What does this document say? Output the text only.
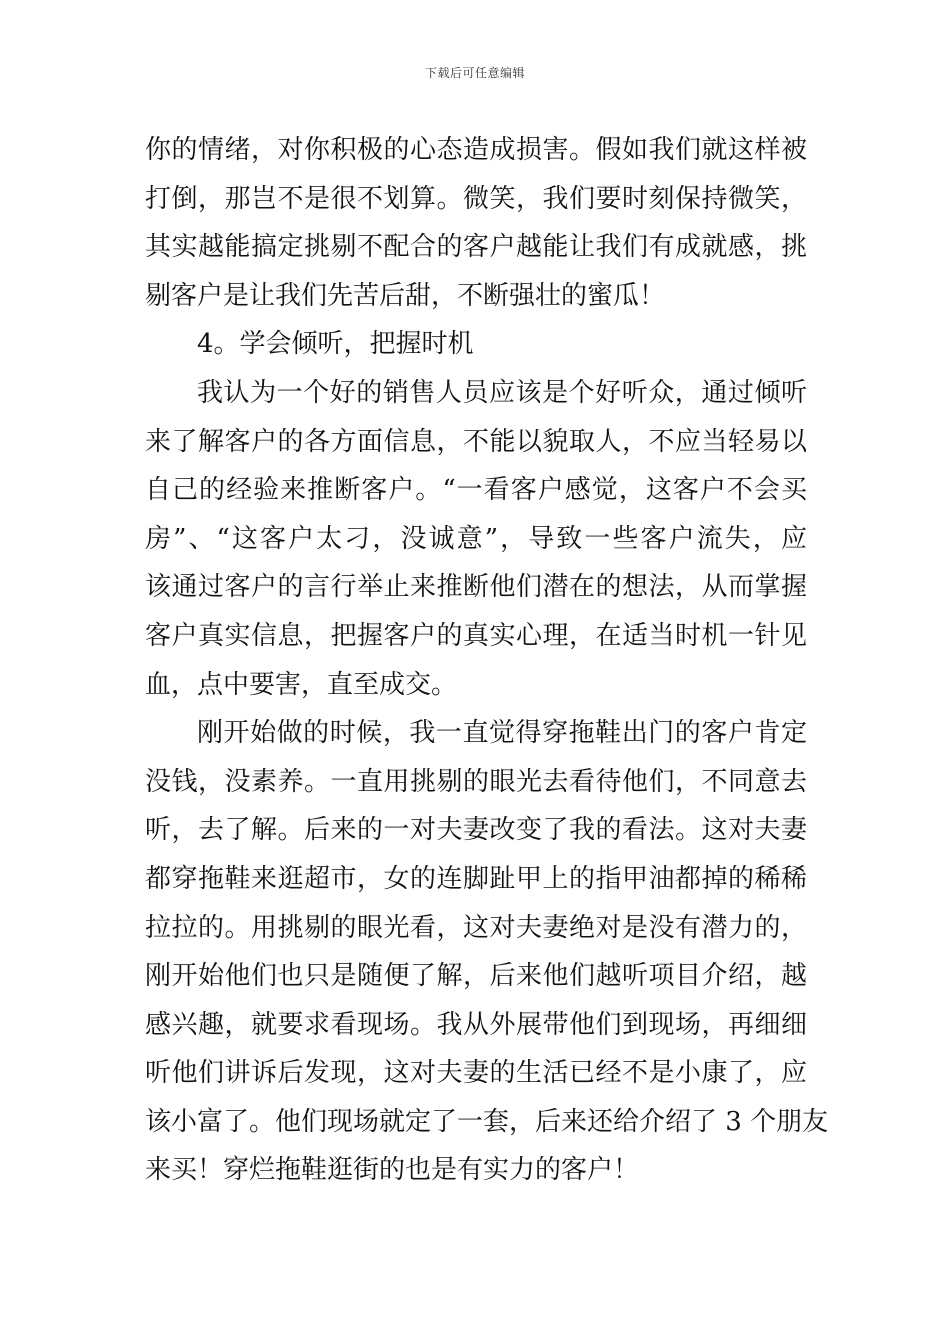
下载后可任意编辑
你的情绪，对你积极的心态造成损害。假如我们就这样被
打倒，那岂不是很不划算。微笑，我们要时刻保持微笑，
其实越能搞定挑剔不配合的客户越能让我们有成就感，挑
剔客户是让我们先苦后甜，不断强壮的蜜瓜！
4。学会倾听，把握时机
我认为一个好的销售人员应该是个好听众，通过倾听
来了解客户的各方面信息，不能以貌取人，不应当轻易以
自己的经验来推断客户。“一看客户感觉，这客户不会买
房”、“这客户太刁，没诚意”，导致一些客户流失，应
该通过客户的言行举止来推断他们潜在的想法，从而掌握
客户真实信息，把握客户的真实心理，在适当时机一针见
血，点中要害，直至成交。
刚开始做的时候，我一直觉得穿拖鞋出门的客户肯定
没钱，没素养。一直用挑剔的眼光去看待他们，不同意去
听，去了解。后来的一对夫妻改变了我的看法。这对夫妻
都穿拖鞋来逛超市，女的连脚趾甲上的指甲油都掉的稀稀
拉拉的。用挑剔的眼光看，这对夫妻绝对是没有潜力的，
刚开始他们也只是随便了解，后来他们越听项目介绍，越
感兴趣，就要求看现场。我从外展带他们到现场，再细细
听他们讲诉后发现，这对夫妻的生活已经不是小康了，应
该小富了。他们现场就定了一套，后来还给介绍了 3 个朋友
来买！穿烂拖鞋逛街的也是有实力的客户！
